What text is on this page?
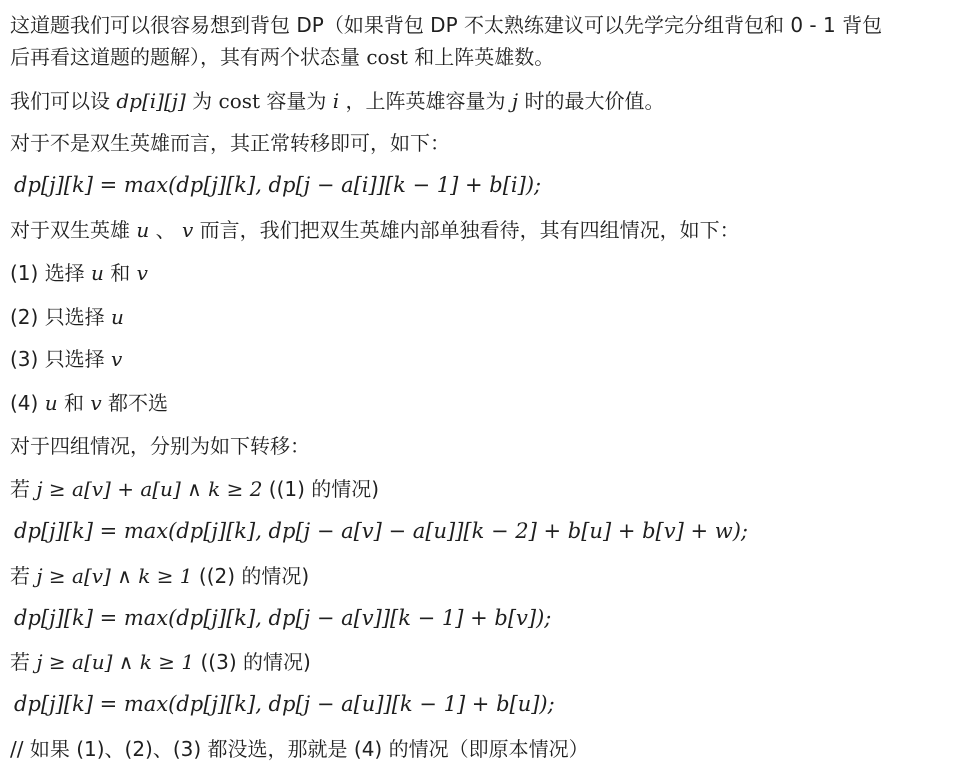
这道题我们可以很容易想到背包 DP（如果背包 DP 不太熟练建议可以先学完分组背包和 0 - 1 背包
后再看这道题的题解），其有两个状态量 cost 和上阵英雄数。
我们可以设 dp[i][j] 为 cost 容量为 i ，上阵英雄容量为 j 时的最大价值。
对于不是双生英雄而言，其正常转移即可，如下：
dp[j][k] = max(dp[j][k], dp[j − a[i]][k − 1] + b[i]);
对于双生英雄 u 、 v 而言，我们把双生英雄内部单独看待，其有四组情况，如下：
(1) 选择 u 和 v
(2) 只选择 u
(3) 只选择 v
(4) u 和 v 都不选
对于四组情况，分别为如下转移：
若 j ≥ a[v] + a[u] ∧ k ≥ 2 ((1) 的情况)
dp[j][k] = max(dp[j][k], dp[j − a[v] − a[u]][k − 2] + b[u] + b[v] + w);
若 j ≥ a[v] ∧ k ≥ 1 ((2) 的情况)
dp[j][k] = max(dp[j][k], dp[j − a[v]][k − 1] + b[v]);
若 j ≥ a[u] ∧ k ≥ 1 ((3) 的情况)
dp[j][k] = max(dp[j][k], dp[j − a[u]][k − 1] + b[u]);
// 如果 (1)、(2)、(3) 都没选，那就是 (4) 的情况（即原本情况）
